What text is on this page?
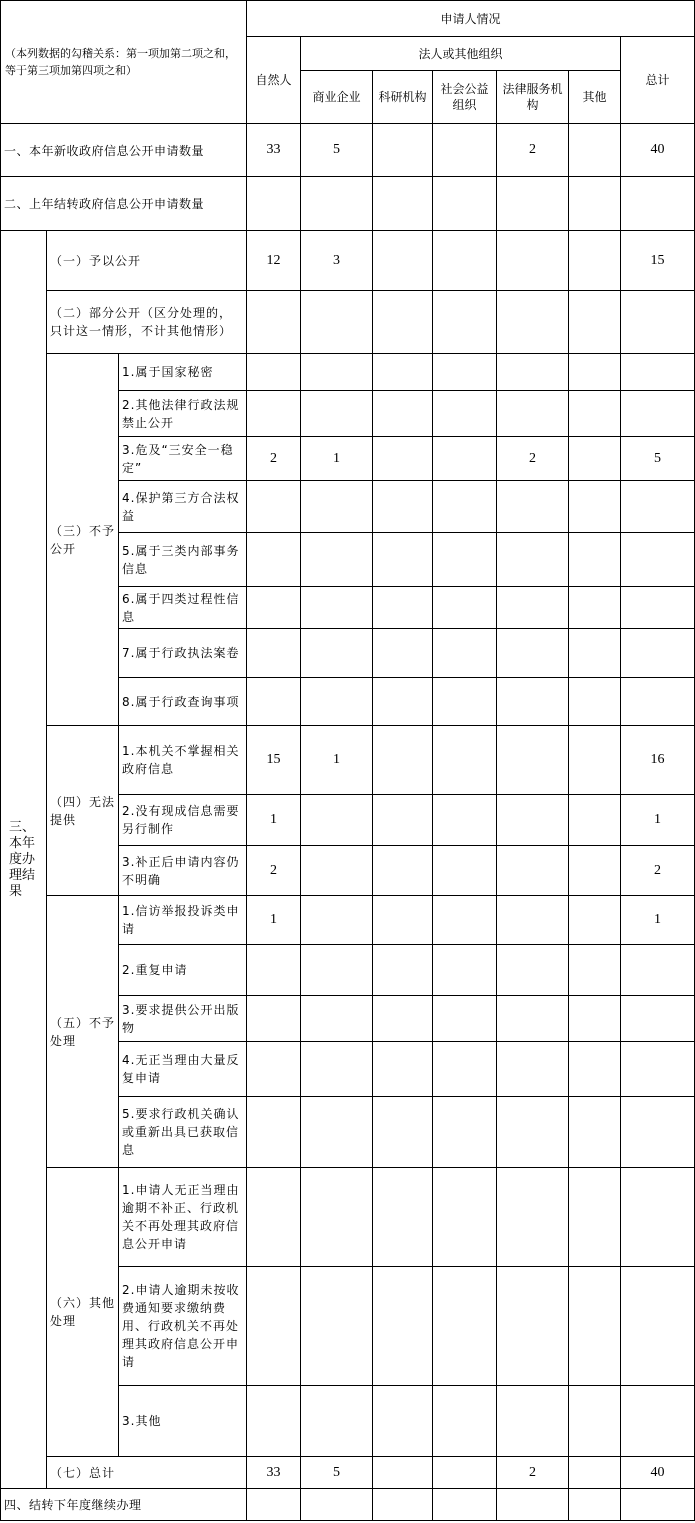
（本列数据的勾稽关系：第一项加第二项之和，等于第三项加第四项之和）			申请人情况						
			自然人	法人或其他组织					总计
				商业企业	科研机构	社会公益组织	法律服务机构	其他	
一、本年新收政府信息公开申请数量			33	5			2		40
二、上年结转政府信息公开申请数量									
三、本年度办理结果	（一）予以公开		12	3					15
	（二）部分公开（区分处理的，只计这一情形，不计其他情形）								
	（三）不予公开	1.属于国家秘密							
		2.其他法律行政法规禁止公开							
		3.危及“三安全一稳定”	2	1			2		5
		4.保护第三方合法权益							
		5.属于三类内部事务信息							
		6.属于四类过程性信息							
		7.属于行政执法案卷							
		8.属于行政查询事项							
	（四）无法提供	1.本机关不掌握相关政府信息	15	1					16
		2.没有现成信息需要另行制作	1						1
		3.补正后申请内容仍不明确	2						2
	（五）不予处理	1.信访举报投诉类申请	1						1
		2.重复申请							
		3.要求提供公开出版物							
		4.无正当理由大量反复申请							
		5.要求行政机关确认或重新出具已获取信息							
	（六）其他处理	1.申请人无正当理由逾期不补正、行政机关不再处理其政府信息公开申请							
		2.申请人逾期未按收费通知要求缴纳费用、行政机关不再处理其政府信息公开申请							
		3.其他							
	（七）总计		33	5			2		40
四、结转下年度继续办理									
